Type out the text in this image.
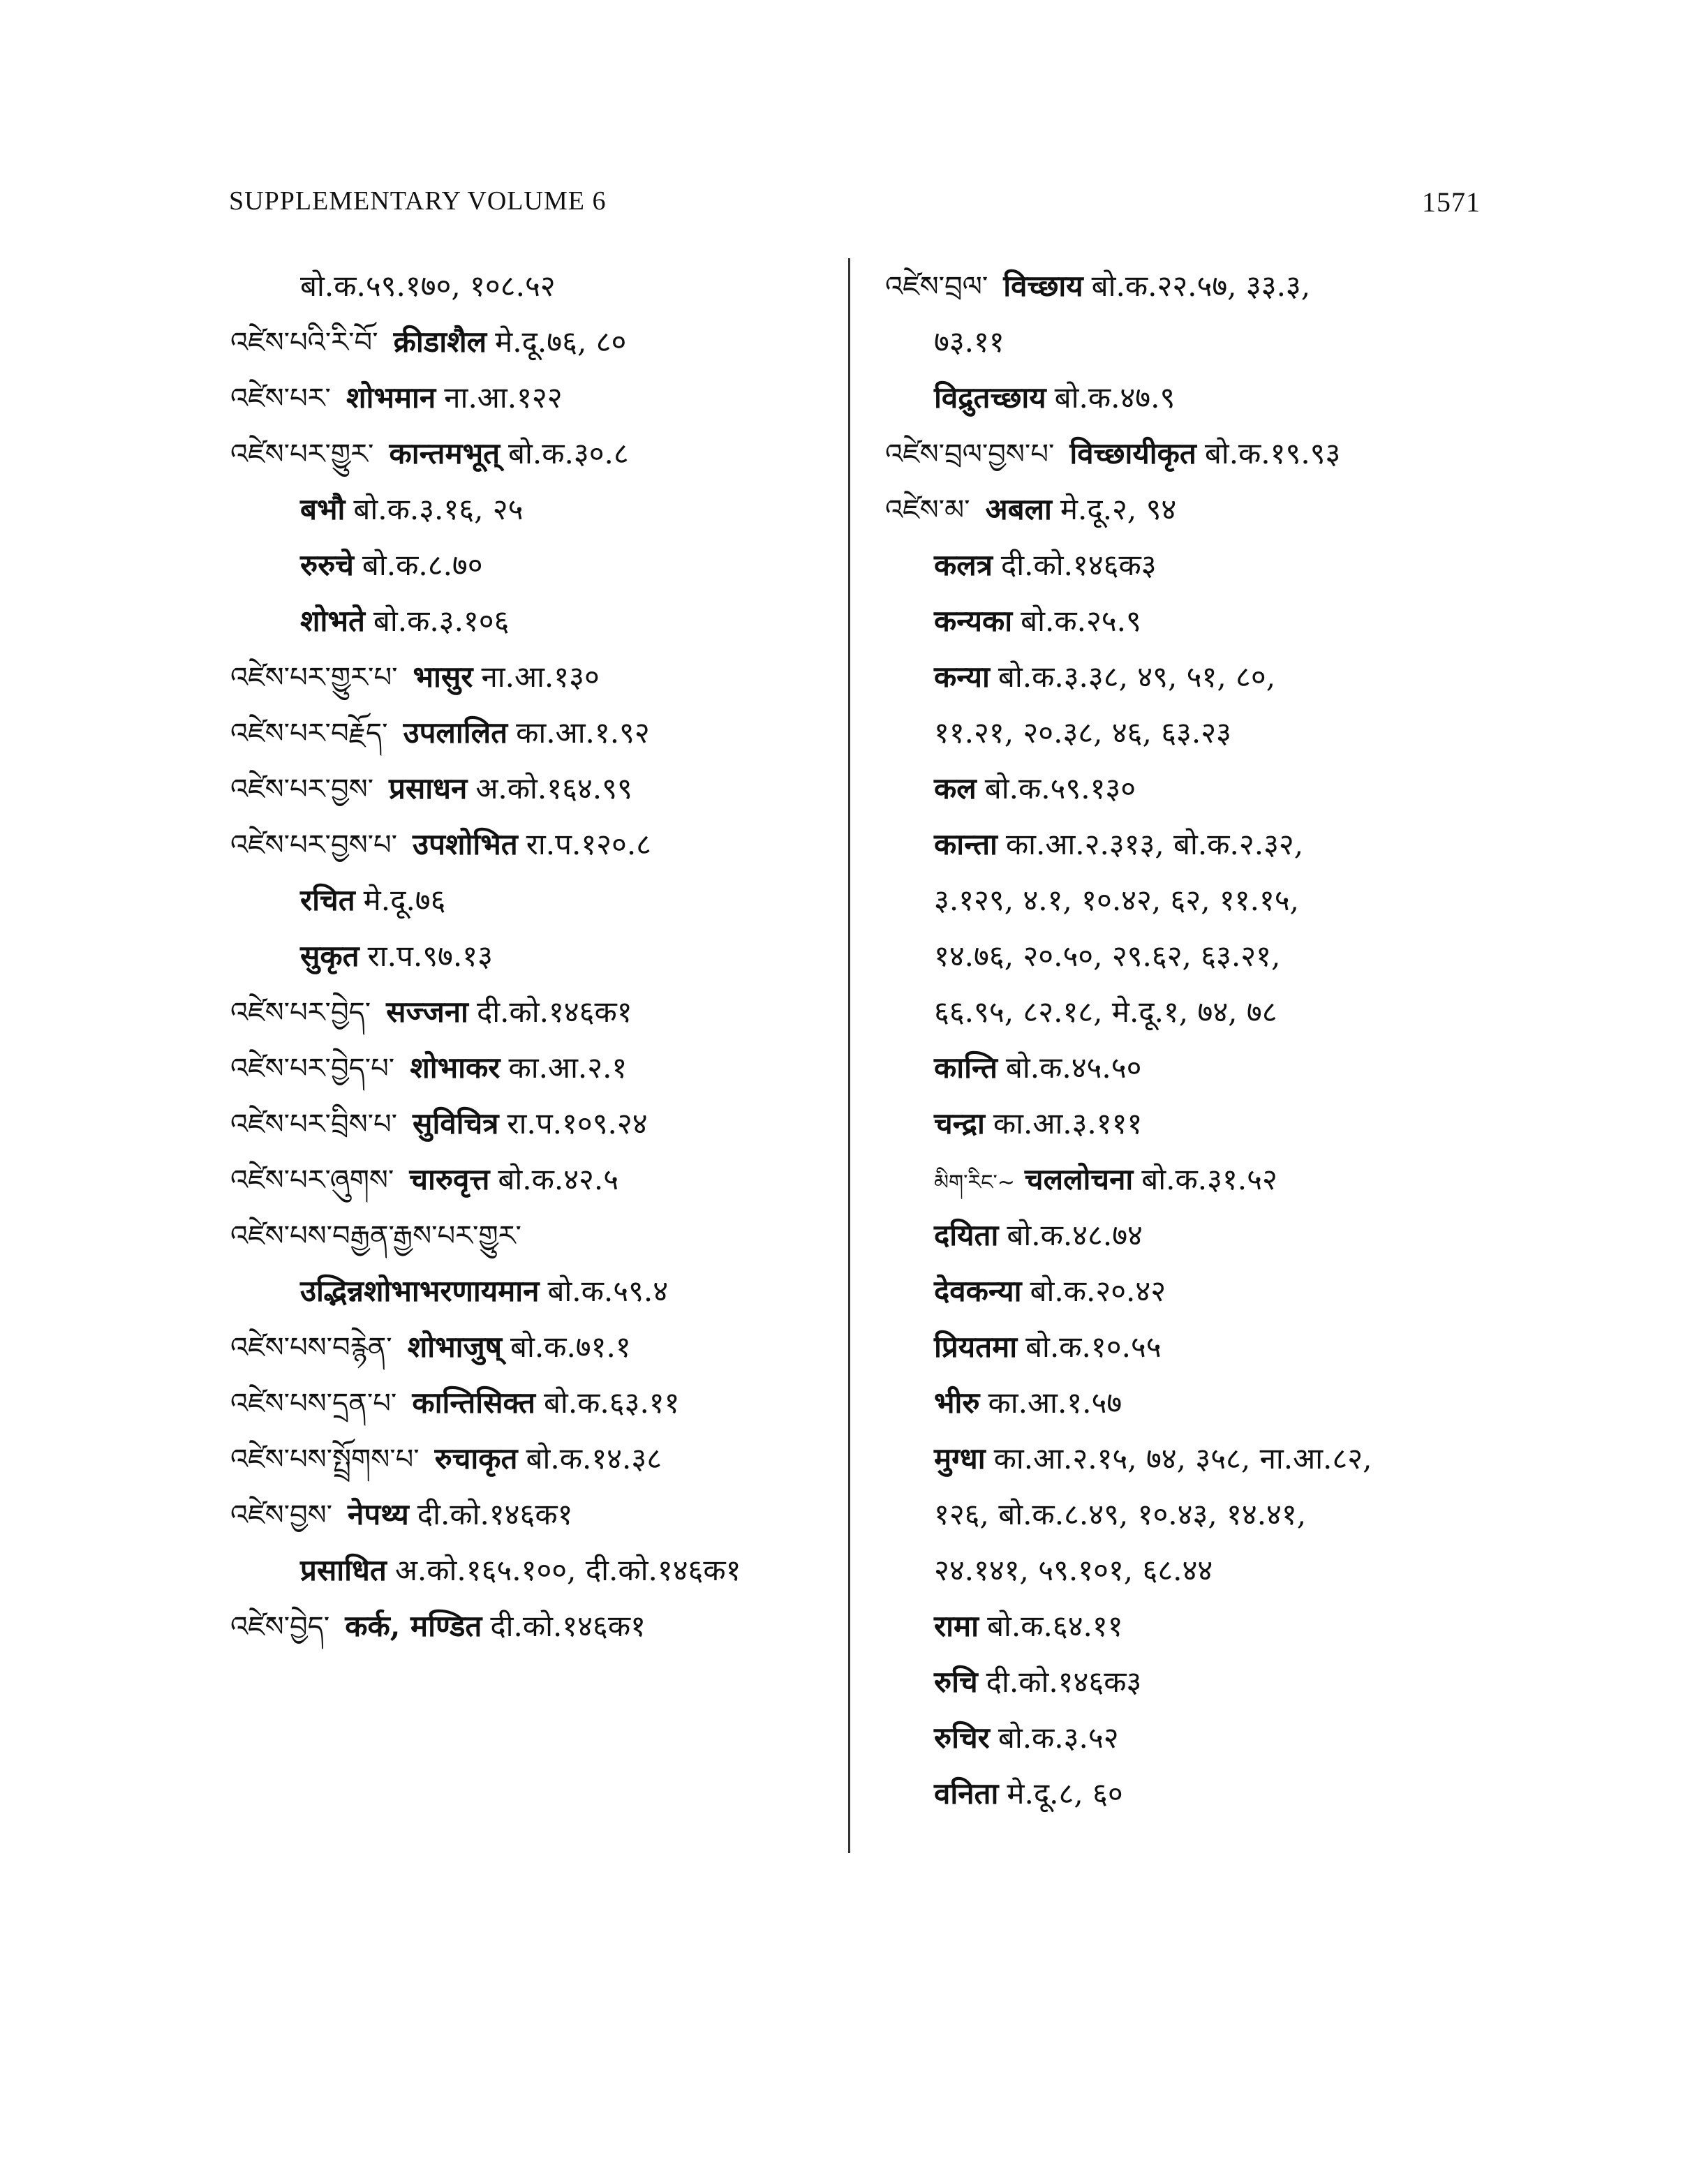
SUPPLEMENTARY VOLUME 6	1571
बो.क.५९.१७०, १०८.५२
འཛེས་པའི་རི་བོ་ क्रीडाशैल मे.दू.७६, ८०
འཛེས་པར་ शोभमान ना.आ.१२२
འཛེས་པར་གྱུར་ कान्तमभूत् बो.क.३०.८
बभौ बो.क.३.१६, २५
रुरुचे बो.क.८.७०
शोभते बो.क.३.१०६
འཛེས་པར་གྱུར་པ་ भासुर ना.आ.१३०
འཛེས་པར་བརྗོད་ उपलालित का.आ.१.९२
འཛེས་པར་བྱས་ प्रसाधन अ.को.१६४.९९
འཛེས་པར་བྱས་པ་ उपशोभित रा.प.१२०.८
रचित मे.दू.७६
सुकृत रा.प.९७.१३
འཛེས་པར་བྱེད་ सज्जना दी.को.१४६क१
འཛེས་པར་བྱེད་པ་ शोभाकर का.आ.२.१
འཛེས་པར་བྲིས་པ་ सुविचित्र रा.प.१०९.२४
འཛེས་པར་ཞུགས་ चारुवृत्त बो.क.४२.५
འཛེས་པས་བརྒྱན་རྒྱས་པར་གྱུར་
उद्भिन्नशोभाभरणायमान बो.क.५९.४
འཛེས་པས་བརྙེན་ शोभाजुष् बो.क.७१.१
འཛེས་པས་དྲན་པ་ कान्तिसिक्त बो.क.६३.११
འཛེས་པས་སྤྲོགས་པ་ रुचाकृत बो.क.१४.३८
འཛེས་བྱས་ नेपथ्य दी.को.१४६क१
प्रसाधित अ.को.१६५.१००, दी.को.१४६क१
འཛེས་བྱེད་ कर्क, मण्डित दी.को.१४६क१
འཛེས་བྲལ་ विच्छाय बो.क.२२.५७, ३३.३,
७३.११
विद्रुतच्छाय बो.क.४७.९
འཛེས་བྲལ་བྱས་པ་ विच्छायीकृत बो.क.१९.९३
འཛེས་མ་ अबला मे.दू.२, ९४
कलत्र दी.को.१४६क३
कन्यका बो.क.२५.९
कन्या बो.क.३.३८, ४९, ५१, ८०,
११.२१, २०.३८, ४६, ६३.२३
कल बो.क.५९.१३०
कान्ता का.आ.२.३१३, बो.क.२.३२,
३.१२९, ४.१, १०.४२, ६२, ११.१५,
१४.७६, २०.५०, २९.६२, ६३.२१,
६६.९५, ८२.१८, मे.दू.१, ७४, ७८
कान्ति बो.क.४५.५०
चन्द्रा का.आ.३.१११
མིག་རིང་~ चललोचना बो.क.३१.५२
दयिता बो.क.४८.७४
देवकन्या बो.क.२०.४२
प्रियतमा बो.क.१०.५५
भीरु का.आ.१.५७
मुग्धा का.आ.२.१५, ७४, ३५८, ना.आ.८२,
१२६, बो.क.८.४९, १०.४३, १४.४१,
२४.१४१, ५९.१०१, ६८.४४
रामा बो.क.६४.११
रुचि दी.को.१४६क३
रुचिर बो.क.३.५२
वनिता मे.दू.८, ६०
